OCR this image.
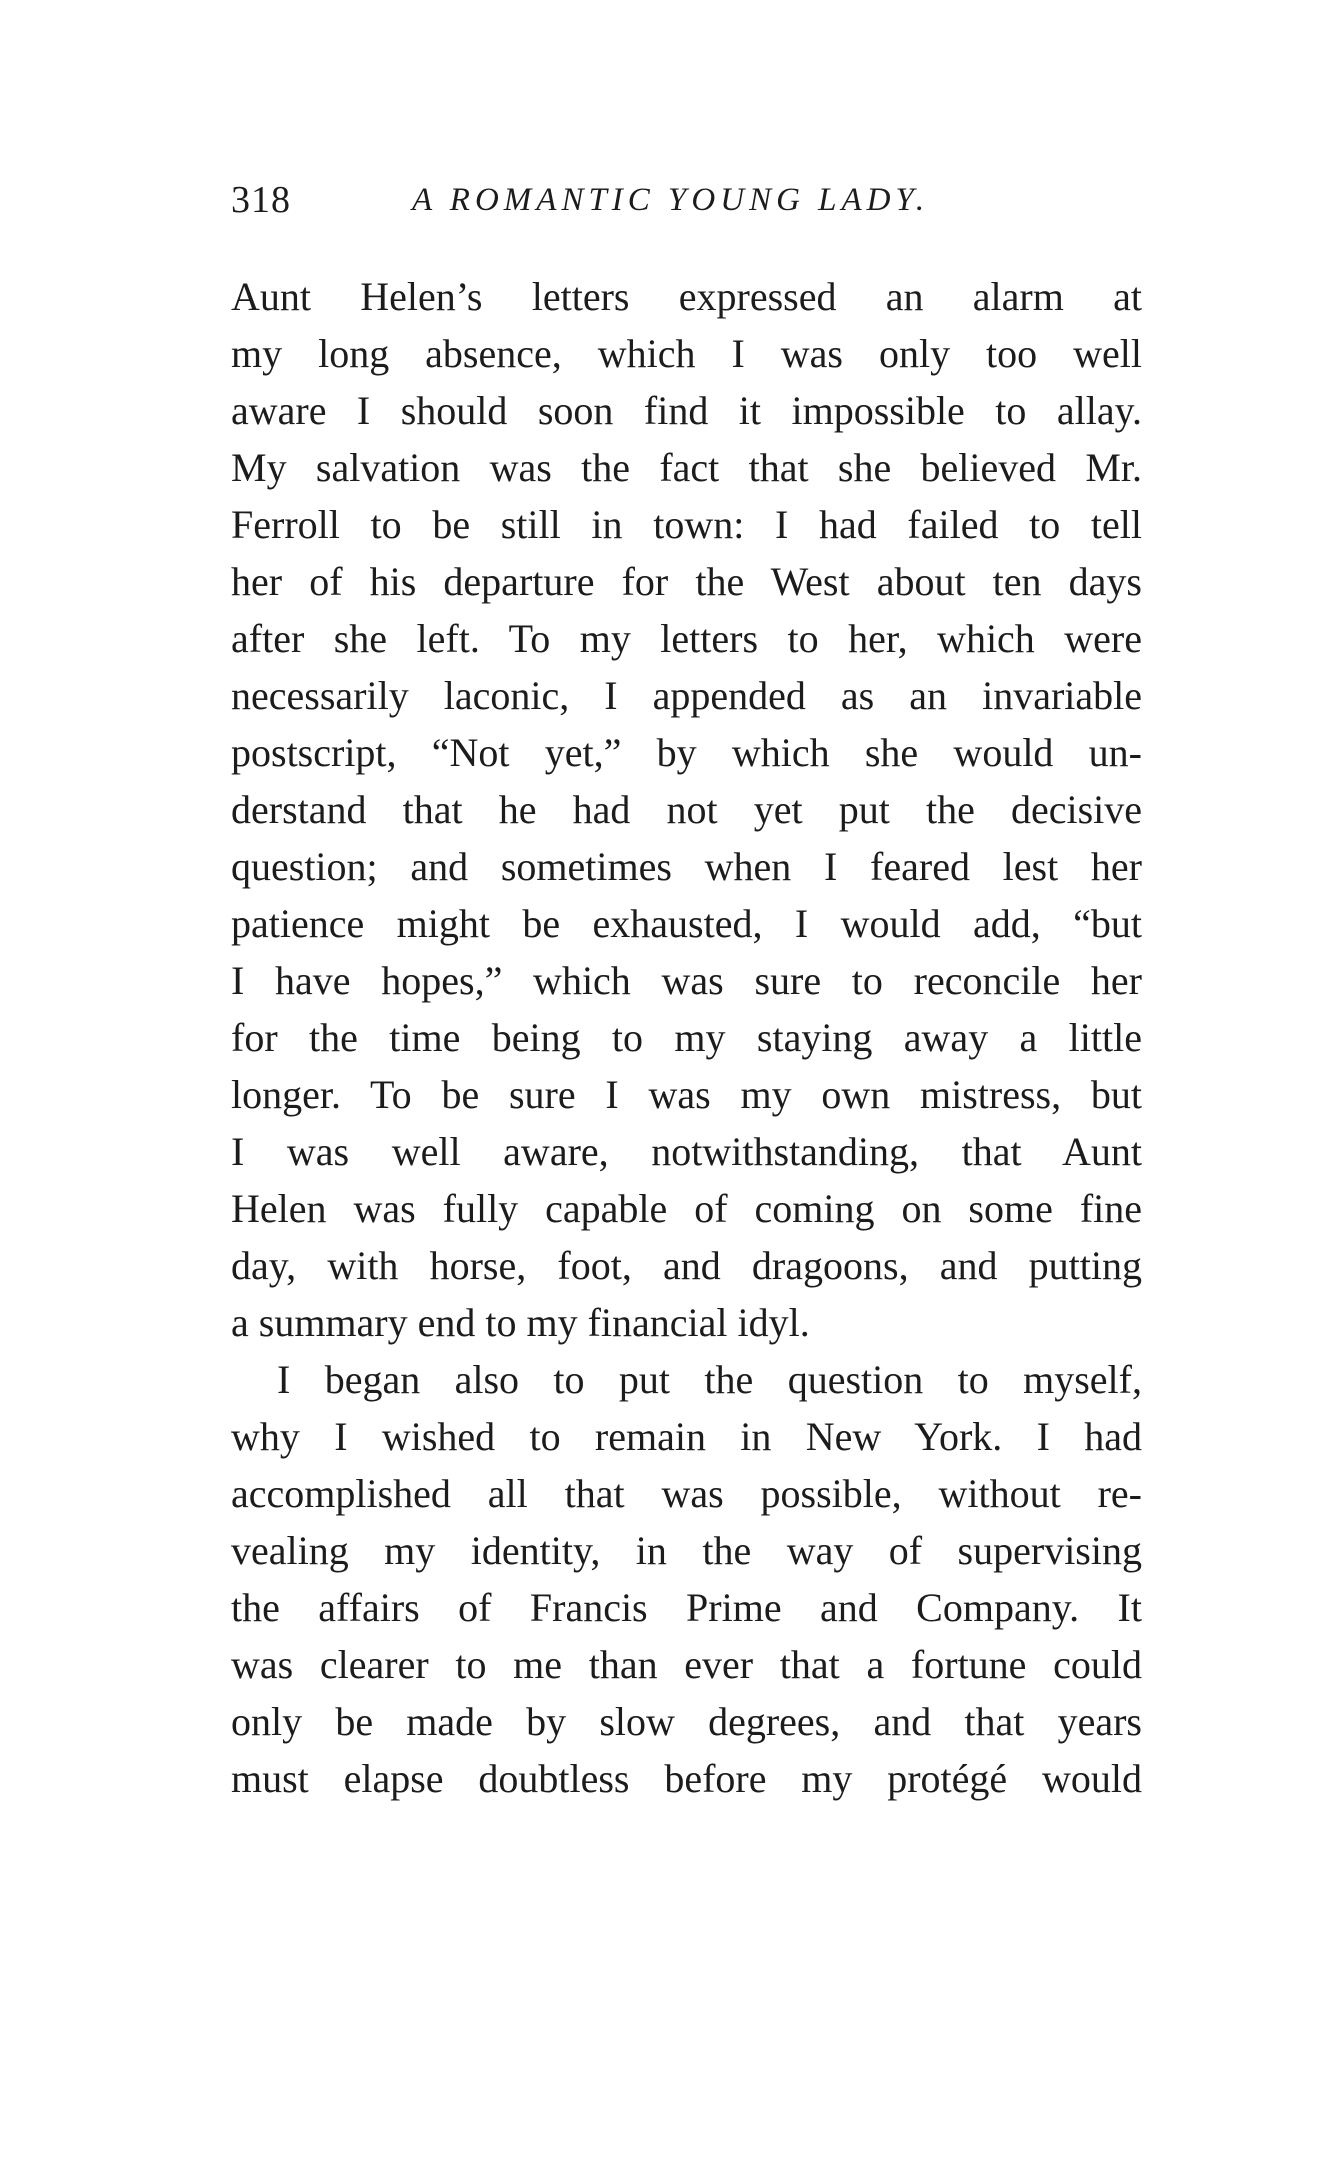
318	A ROMANTIC YOUNG LADY.
Aunt Helen’s letters expressed an alarm at
my long absence, which I was only too well
aware I should soon find it impossible to allay.
My salvation was the fact that she believed Mr.
Ferroll to be still in town: I had failed to tell
her of his departure for the West about ten days
after she left. To my letters to her, which were
necessarily laconic, I appended as an invariable
postscript, “Not yet,” by which she would un-
derstand that he had not yet put the decisive
question; and sometimes when I feared lest her
patience might be exhausted, I would add, “but
I have hopes,” which was sure to reconcile her
for the time being to my staying away a little
longer. To be sure I was my own mistress, but
I was well aware, notwithstanding, that Aunt
Helen was fully capable of coming on some fine
day, with horse, foot, and dragoons, and putting
a summary end to my financial idyl.
I began also to put the question to myself,
why I wished to remain in New York. I had
accomplished all that was possible, without re-
vealing my identity, in the way of supervising
the affairs of Francis Prime and Company. It
was clearer to me than ever that a fortune could
only be made by slow degrees, and that years
must elapse doubtless before my protégé would
